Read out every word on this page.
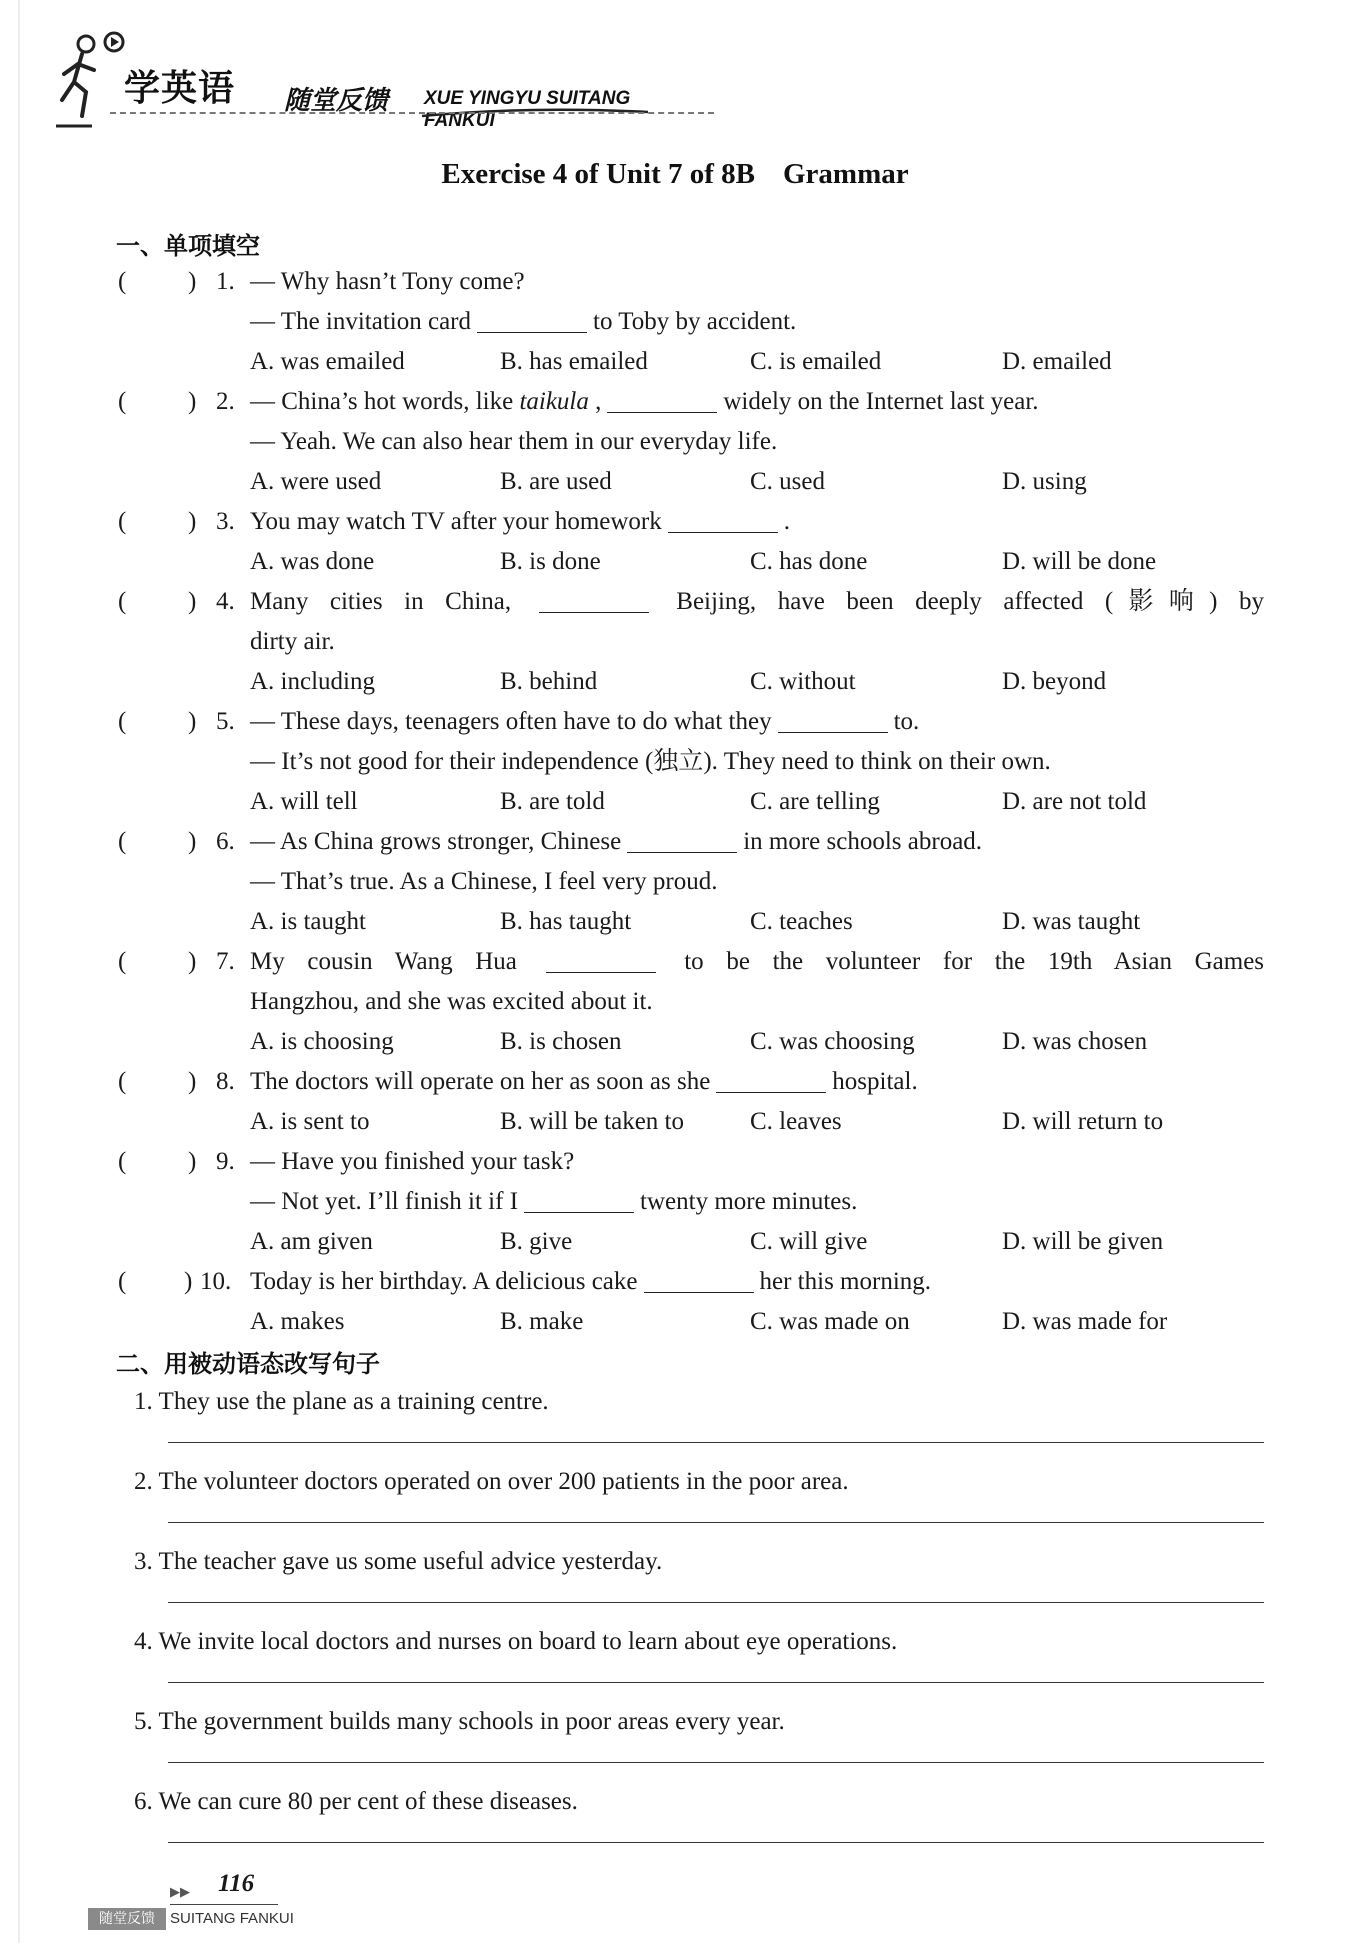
学英语 随堂反馈 XUE YINGYU SUITANG FANKUI
Exercise 4 of Unit 7 of 8B Grammar
一、单项填空
( ) 1. — Why hasn’t Tony come?
— The invitation card	to Toby by accident.
A. was emailed	B. has emailed	C. is emailed	D. emailed
( ) 2. — China’s hot words, like taikula ,	widely on the Internet last year.
— Yeah. We can also hear them in our everyday life.
A. were used	B. are used	C. used	D. using
( ) 3. You may watch TV after your homework	.
A. was done	B. is done	C. has done	D. will be done
( ) 4. Many cities in China,	Beijing, have been deeply affected (影响) by
dirty air.
A. including	B. behind	C. without	D. beyond
( ) 5. — These days, teenagers often have to do what they	to.
— It’s not good for their independence (独立). They need to think on their own.
A. will tell	B. are told	C. are telling	D. are not told
( ) 6. — As China grows stronger, Chinese	in more schools abroad.
— That’s true. As a Chinese, I feel very proud.
A. is taught	B. has taught	C. teaches	D. was taught
( ) 7. My cousin Wang Hua	to be the volunteer for the 19th Asian Games
Hangzhou, and she was excited about it.
A. is choosing	B. is chosen	C. was choosing	D. was chosen
( ) 8. The doctors will operate on her as soon as she	hospital.
A. is sent to	B. will be taken to	C. leaves	D. will return to
( ) 9. — Have you finished your task?
— Not yet. I’ll finish it if I	twenty more minutes.
A. am given	B. give	C. will give	D. will be given
( ) 10. Today is her birthday. A delicious cake	her this morning.
A. makes	B. make	C. was made on	D. was made for
二、用被动语态改写句子
1. They use the plane as a training centre.
2. The volunteer doctors operated on over 200 patients in the poor area.
3. The teacher gave us some useful advice yesterday.
4. We invite local doctors and nurses on board to learn about eye operations.
5. The government builds many schools in poor areas every year.
6. We can cure 80 per cent of these diseases.
▶▶ 116
随堂反馈	SUITANG FANKUI
